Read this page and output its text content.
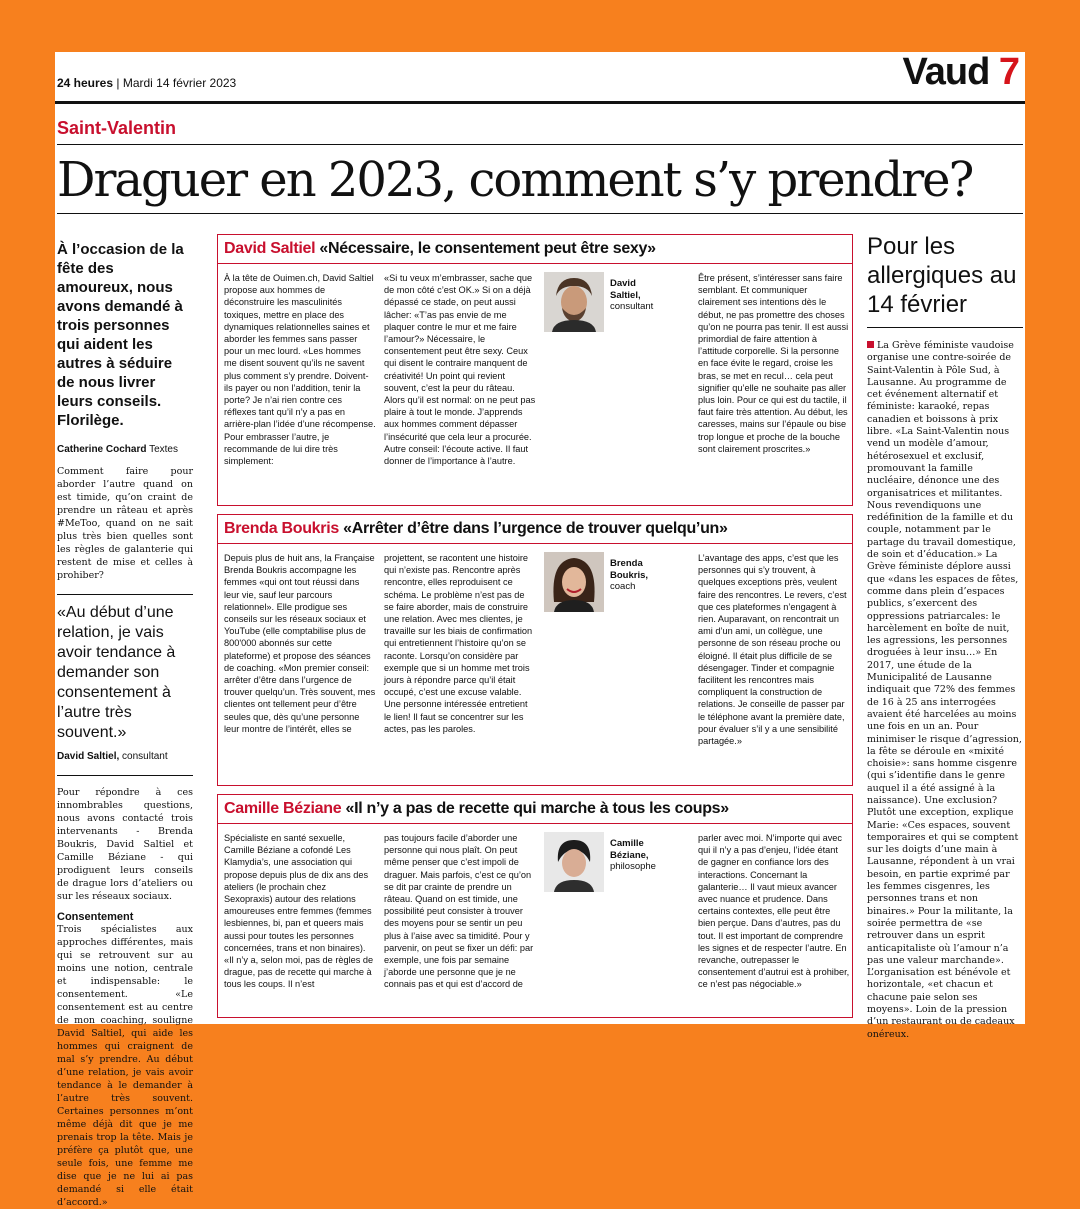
24 heures | Mardi 14 février 2023	Vaud 7
Saint-Valentin
Draguer en 2023, comment s’y prendre?
À l’occasion de la fête des amoureux, nous avons demandé à trois personnes qui aident les autres à séduire de nous livrer leurs conseils. Florilège.
Catherine Cochard Textes

Comment faire pour aborder l’autre quand on est timide, qu’on craint de prendre un râteau et après #MeToo, quand on ne sait plus très bien quelles sont les règles de galanterie qui restent de mise et celles à prohiber?

«Au début d’une relation, je vais avoir tendance à demander son consentement à l’autre très souvent.»
David Saltiel, consultant

Pour répondre à ces innombrables questions, nous avons contacté trois intervenants - Brenda Boukris, David Saltiel et Camille Béziane - qui prodiguent leurs conseils de drague lors d’ateliers ou sur les réseaux sociaux.

Consentement

Trois spécialistes aux approches différentes, mais qui se retrouvent sur au moins une notion, centrale et indispensable: le consentement. «Le consentement est au centre de mon coaching, souligne David Saltiel, qui aide les hommes qui craignent de mal s’y prendre. Au début d’une relation, je vais avoir tendance à le demander à l’autre très souvent. Certaines personnes m’ont même déjà dit que je me prenais trop la tête. Mais je préfère ça plutôt que, une seule fois, une femme me dise que je ne lui ai pas demandé si elle était d’accord.»

David Saltiel «Nécessaire, le consentement peut être sexy»
À la tête de Ouimen.ch, David Saltiel propose aux hommes de déconstruire les masculinités toxiques, mettre en place des dynamiques relationnelles saines et aborder les femmes sans passer pour un mec lourd. «Les hommes me disent souvent qu’ils ne savent plus comment s’y prendre. Doivent-ils payer ou non l’addition, tenir la porte? Je n’ai rien contre ces réflexes tant qu’il n’y a pas en arrière-plan l’idée d’une récompense. Pour embrasser l’autre, je recommande de lui dire très simplement:
«Si tu veux m’embrasser, sache que de mon côté c’est OK.» Si on a déjà dépassé ce stade, on peut aussi lâcher: «T’as pas envie de me plaquer contre le mur et me faire l’amour?» Nécessaire, le consentement peut être sexy. Ceux qui disent le contraire manquent de créativité! Un point qui revient souvent, c’est la peur du râteau. Alors qu’il est normal: on ne peut pas plaire à tout le monde. J’apprends aux hommes comment dépasser l’insécurité que cela leur a procurée. Autre conseil: l’écoute active. Il faut donner de l’importance à l’autre.
David
Saltiel,
consultant
Être présent, s’intéresser sans faire semblant. Et communiquer clairement ses intentions dès le début, ne pas promettre des choses qu’on ne pourra pas tenir. Il est aussi primordial de faire attention à l’attitude corporelle. Si la personne en face évite le regard, croise les bras, se met en recul… cela peut signifier qu’elle ne souhaite pas aller plus loin. Pour ce qui est du tactile, il faut faire très attention. Au début, les caresses, mains sur l’épaule ou bise trop longue et proche de la bouche sont clairement proscrites.»
Brenda Boukris «Arrêter d’être dans l’urgence de trouver quelqu’un»
Depuis plus de huit ans, la Française Brenda Boukris accompagne les femmes «qui ont tout réussi dans leur vie, sauf leur parcours relationnel». Elle prodigue ses conseils sur les réseaux sociaux et YouTube (elle comptabilise plus de 800'000 abonnés sur cette plateforme) et propose des séances de coaching. «Mon premier conseil: arrêter d’être dans l’urgence de trouver quelqu’un. Très souvent, mes clientes ont tellement peur d’être seules que, dès qu’une personne leur montre de l’intérêt, elles se
projettent, se racontent une histoire qui n’existe pas. Rencontre après rencontre, elles reproduisent ce schéma. Le problème n’est pas de se faire aborder, mais de construire une relation. Avec mes clientes, je travaille sur les biais de confirmation qui entretiennent l’histoire qu’on se raconte. Lorsqu’on considère par exemple que si un homme met trois jours à répondre parce qu’il était occupé, c’est une excuse valable. Une personne intéressée entretient le lien! Il faut se concentrer sur les actes, pas les paroles.
Brenda
Boukris,
coach
L’avantage des apps, c’est que les personnes qui s’y trouvent, à quelques exceptions près, veulent faire des rencontres. Le revers, c’est que ces plateformes n’engagent à rien. Auparavant, on rencontrait un ami d’un ami, un collègue, une personne de son réseau proche ou éloigné. Il était plus difficile de se désengager. Tinder et compagnie facilitent les rencontres mais compliquent la construction de relations. Je conseille de passer par le téléphone avant la première date, pour évaluer s’il y a une sensibilité partagée.»
Camille Béziane «Il n’y a pas de recette qui marche à tous les coups»
Spécialiste en santé sexuelle, Camille Béziane a cofondé Les Klamydia’s, une association qui propose depuis plus de dix ans des ateliers (le prochain chez Sexopraxis) autour des relations amoureuses entre femmes (femmes lesbiennes, bi, pan et queers mais aussi pour toutes les personnes concernées, trans et non binaires). «Il n’y a, selon moi, pas de règles de drague, pas de recette qui marche à tous les coups. Il n’est
pas toujours facile d’aborder une personne qui nous plaît. On peut même penser que c’est impoli de draguer. Mais parfois, c’est ce qu’on se dit par crainte de prendre un râteau. Quand on est timide, une possibilité peut consister à trouver des moyens pour se sentir un peu plus à l’aise avec sa timidité. Pour y parvenir, on peut se fixer un défi: par exemple, une fois par semaine j’aborde une personne que je ne connais pas et qui est d’accord de
Camille
Béziane,
philosophe
parler avec moi. N’importe qui avec qui il n’y a pas d’enjeu, l’idée étant de gagner en confiance lors des interactions. Concernant la galanterie… Il vaut mieux avancer avec nuance et prudence. Dans certains contextes, elle peut être bien perçue. Dans d’autres, pas du tout. Il est important de comprendre les signes et de respecter l’autre. En revanche, outrepasser le consentement d’autrui est à prohiber, ce n’est pas négociable.»
Pour les allergiques au 14 février

La Grève féministe vaudoise organise une contre-soirée de Saint-Valentin à Pôle Sud, à Lausanne. Au programme de cet événement alternatif et féministe: karaoké, repas canadien et boissons à prix libre. «La Saint-Valentin nous vend un modèle d’amour, hétérosexuel et exclusif, promouvant la famille nucléaire, dénonce une des organisatrices et militantes. Nous revendiquons une redéfinition de la famille et du couple, notamment par le partage du travail domestique, de soin et d’éducation.» La Grève féministe déplore aussi que «dans les espaces de fêtes, comme dans plein d’espaces publics, s’exercent des oppressions patriarcales: le harcèlement en boîte de nuit, les agressions, les personnes droguées à leur insu…» En 2017, une étude de la Municipalité de Lausanne indiquait que 72% des femmes de 16 à 25 ans interrogées avaient été harcelées au moins une fois en un an. Pour minimiser le risque d’agression, la fête se déroule en «mixité choisie»: sans homme cisgenre (qui s’identifie dans le genre auquel il a été assigné à la naissance). Une exclusion? Plutôt une exception, explique Marie: «Ces espaces, souvent temporaires et qui se comptent sur les doigts d’une main à Lausanne, répondent à un vrai besoin, en partie exprimé par les femmes cisgenres, les personnes trans et non binaires.» Pour la militante, la soirée permettra de «se retrouver dans un esprit anticapitaliste où l’amour n’a pas une valeur marchande». L’organisation est bénévole et horizontale, «et chacun et chacune paie selon ses moyens». Loin de la pression d’un restaurant ou de cadeaux onéreux.
